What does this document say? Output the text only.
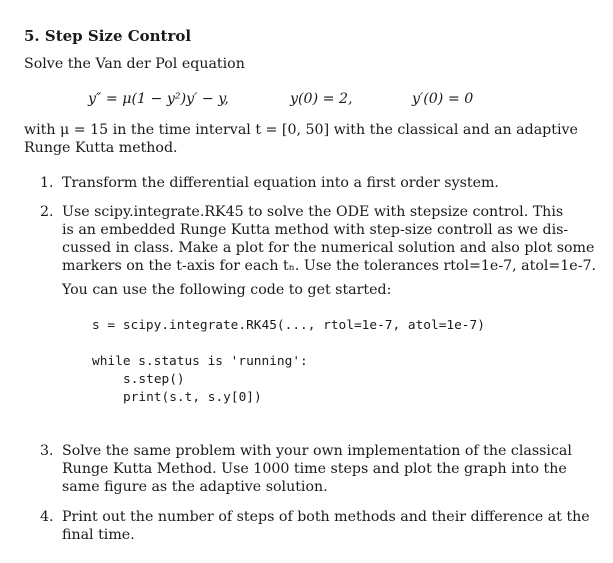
5. Step Size Control
Solve the Van der Pol equation
y″ = μ(1 − y²)y′ − y,	y(0) = 2,	y′(0) = 0
with μ = 15 in the time interval t = [0, 50] with the classical and an adaptive
Runge Kutta method.
1. Transform the differential equation into a first order system.
2. Use scipy.integrate.RK45 to solve the ODE with stepsize control. This
is an embedded Runge Kutta method with step-size controll as we dis-
cussed in class. Make a plot for the numerical solution and also plot some
markers on the t-axis for each tₙ. Use the tolerances rtol=1e-7, atol=1e-7.
You can use the following code to get started:
s = scipy.integrate.RK45(..., rtol=1e-7, atol=1e-7)
while s.status is 'running':
s.step()
print(s.t, s.y[0])
3. Solve the same problem with your own implementation of the classical
Runge Kutta Method. Use 1000 time steps and plot the graph into the
same figure as the adaptive solution.
4. Print out the number of steps of both methods and their difference at the
final time.
